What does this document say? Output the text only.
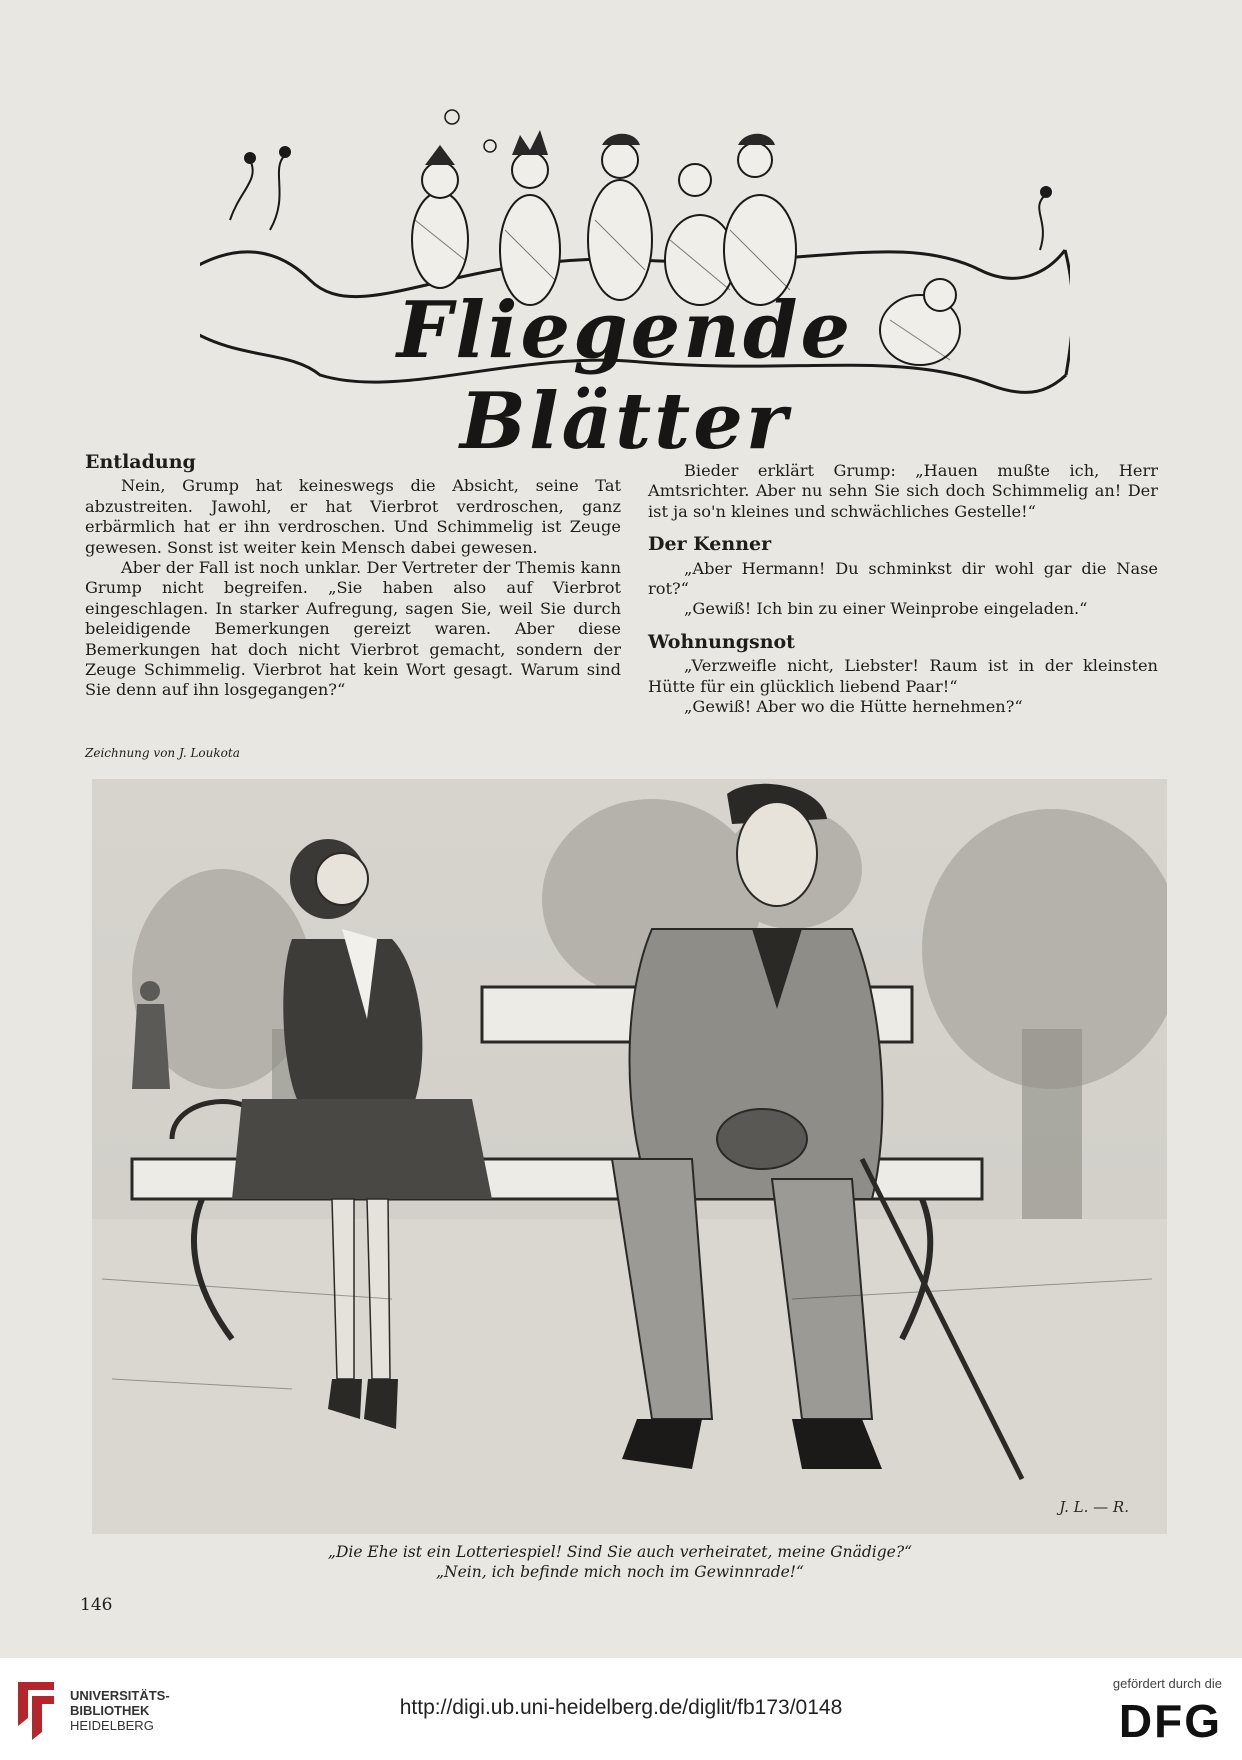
Fliegende Blätter
Entladung

Nein, Grump hat keineswegs die Absicht, seine Tat abzustreiten. Jawohl, er hat Vierbrot verdroschen, ganz erbärmlich hat er ihn verdroschen. Und Schimmelig ist Zeuge gewesen. Sonst ist weiter kein Mensch dabei gewesen.

Aber der Fall ist noch unklar. Der Vertreter der Themis kann Grump nicht begreifen. „Sie haben also auf Vierbrot eingeschlagen. In starker Aufregung, sagen Sie, weil Sie durch beleidigende Bemerkungen gereizt waren. Aber diese Bemerkungen hat doch nicht Vierbrot gemacht, sondern der Zeuge Schimmelig. Vierbrot hat kein Wort gesagt. Warum sind Sie denn auf ihn losgegangen?“

Zeichnung von J. Loukota

Bieder erklärt Grump: „Hauen mußte ich, Herr Amtsrichter. Aber nu sehn Sie sich doch Schimmelig an! Der ist ja so'n kleines und schwächliches Gestelle!“

Der Kenner

„Aber Hermann! Du schminkst dir wohl gar die Nase rot?“

„Gewiß! Ich bin zu einer Weinprobe eingeladen.“

Wohnungsnot

„Verzweifle nicht, Liebster! Raum ist in der kleinsten Hütte für ein glücklich liebend Paar!“

„Gewiß! Aber wo die Hütte hernehmen?“

J. L. — R.
„Die Ehe ist ein Lotteriespiel! Sind Sie auch verheiratet, meine Gnädige?“
„Nein, ich befinde mich noch im Gewinnrade!“
146
UNIVERSITÄTS-
BIBLIOTHEK
HEIDELBERG
http://digi.ub.uni-heidelberg.de/diglit/fb173/0148
gefördert durch die
DFG
